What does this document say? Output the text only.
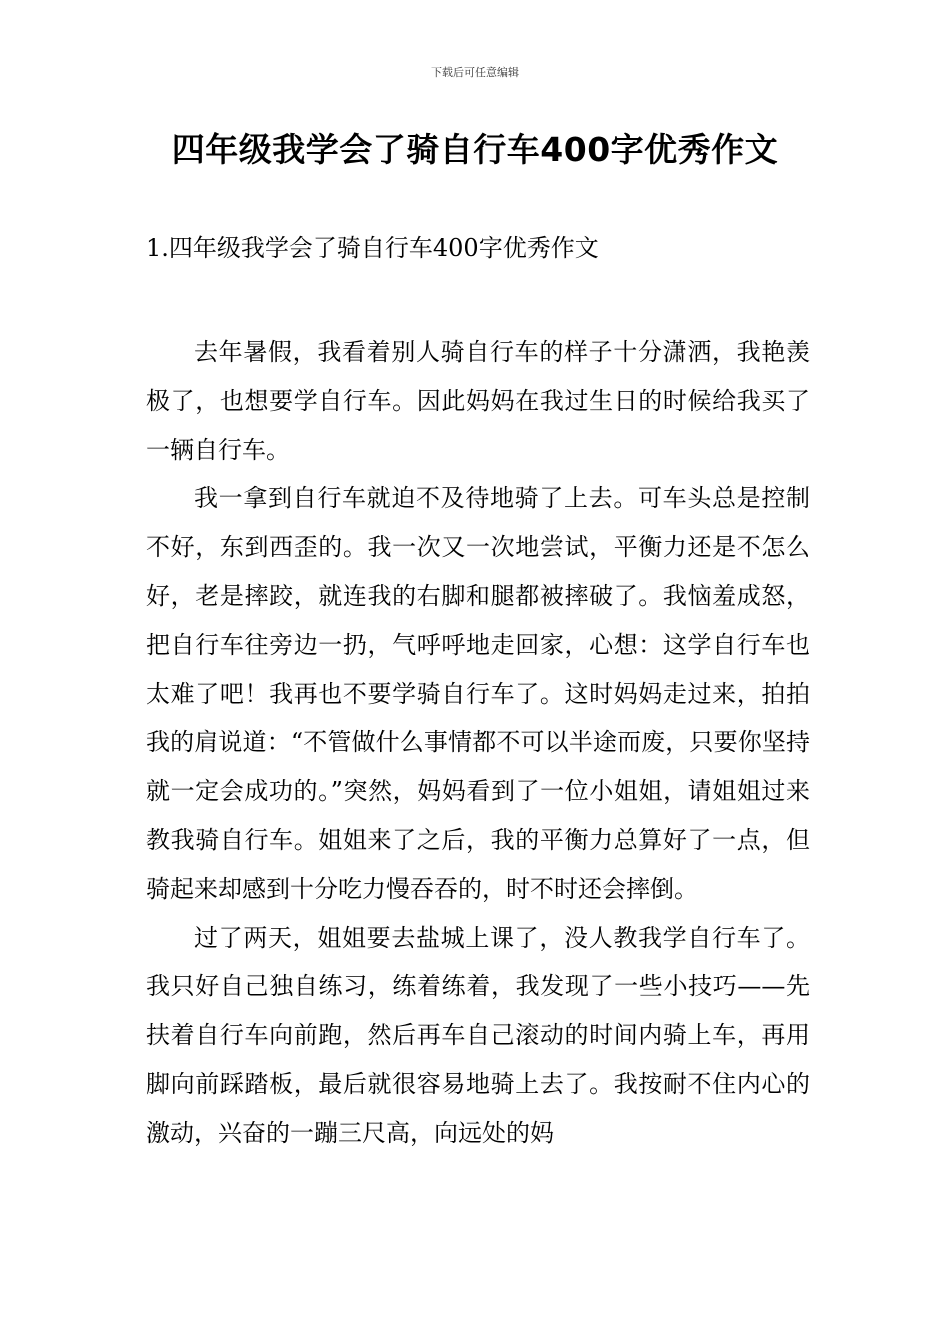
下载后可任意编辑
四年级我学会了骑自行车400字优秀作文
1.四年级我学会了骑自行车400字优秀作文

去年暑假，我看着别人骑自行车的样子十分潇洒，我艳羡极了，也想要学自行车。因此妈妈在我过生日的时候给我买了一辆自行车。

我一拿到自行车就迫不及待地骑了上去。可车头总是控制不好，东到西歪的。我一次又一次地尝试，平衡力还是不怎么好，老是摔跤，就连我的右脚和腿都被摔破了。我恼羞成怒，把自行车往旁边一扔，气呼呼地走回家，心想：这学自行车也太难了吧！我再也不要学骑自行车了。这时妈妈走过来，拍拍我的肩说道：“不管做什么事情都不可以半途而废，只要你坚持就一定会成功的。”突然，妈妈看到了一位小姐姐，请姐姐过来教我骑自行车。姐姐来了之后，我的平衡力总算好了一点，但骑起来却感到十分吃力慢吞吞的，时不时还会摔倒。

过了两天，姐姐要去盐城上课了，没人教我学自行车了。我只好自己独自练习，练着练着，我发现了一些小技巧——先扶着自行车向前跑，然后再车自己滚动的时间内骑上车，再用脚向前踩踏板，最后就很容易地骑上去了。我按耐不住内心的激动，兴奋的一蹦三尺高，向远处的妈
